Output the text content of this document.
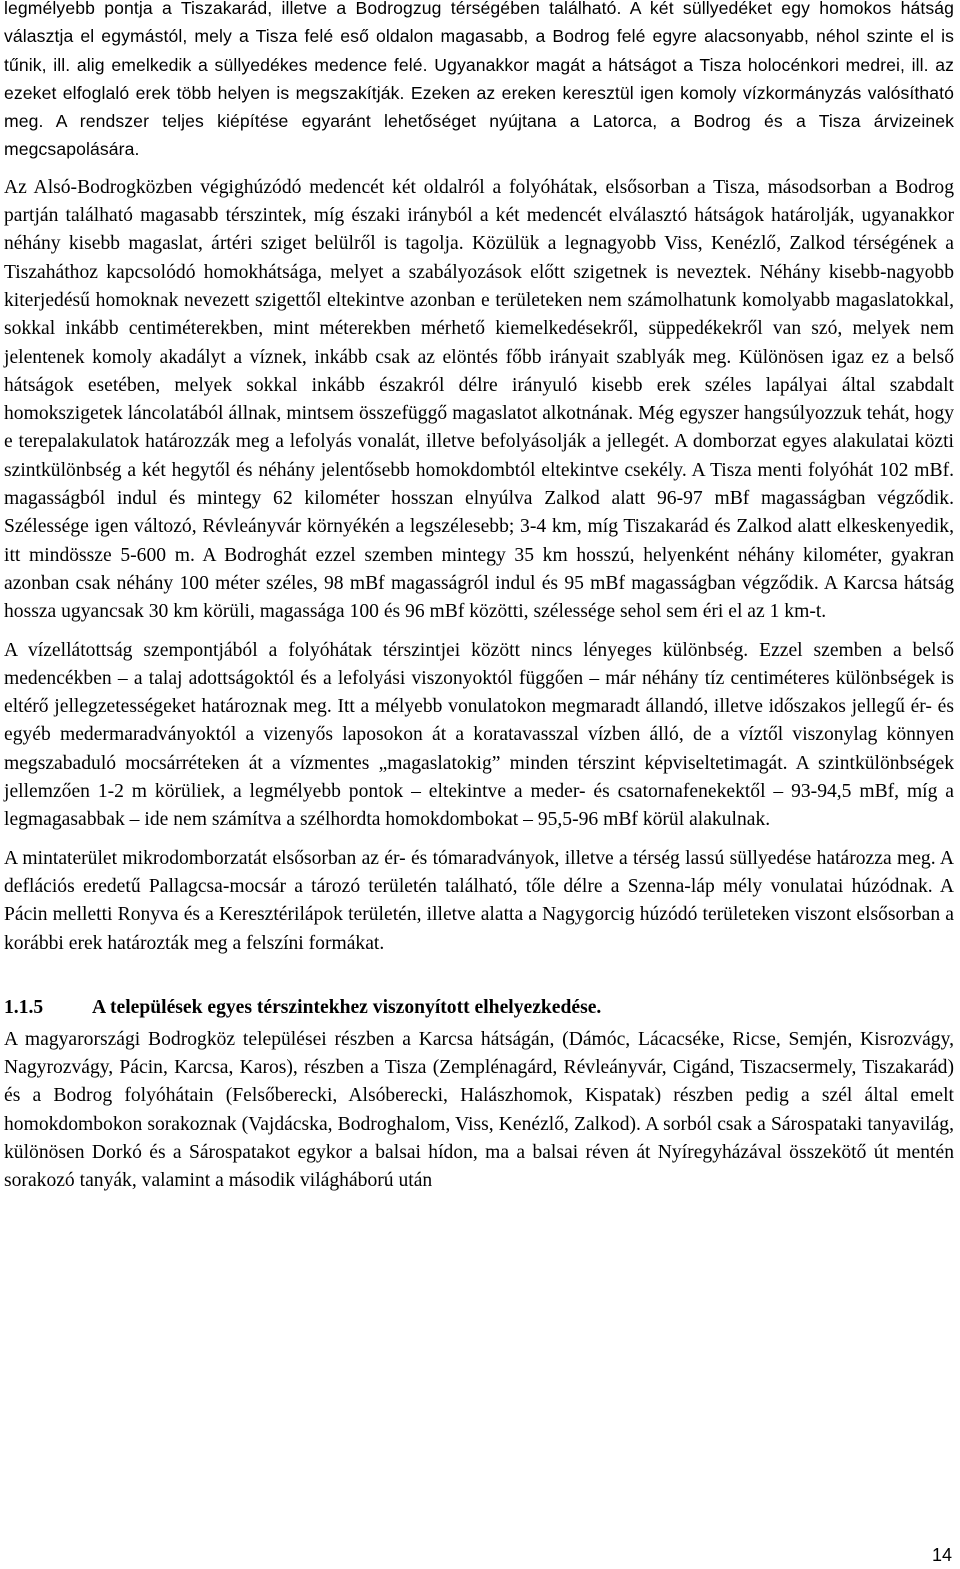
legmélyebb pontja a Tiszakarád, illetve a Bodrogzug térségében található. A két süllyedéket egy homokos hátság választja el egymástól, mely a Tisza felé eső oldalon magasabb, a Bodrog felé egyre alacsonyabb, néhol szinte el is tűnik, ill. alig emelkedik a süllyedékes medence felé. Ugyanakkor magát a hátságot a Tisza holocénkori medrei, ill. az ezeket elfoglaló erek több helyen is megszakítják. Ezeken az ereken keresztül igen komoly vízkormányzás valósítható meg. A rendszer teljes kiépítése egyaránt lehetőséget nyújtana a Latorca, a Bodrog és a Tisza árvizeinek megcsapolására.

Az Alsó-Bodrogközben végighúzódó medencét két oldalról a folyóhátak, elsősorban a Tisza, másodsorban a Bodrog partján található magasabb térszintek, míg északi irányból a két medencét elválasztó hátságok határolják, ugyanakkor néhány kisebb magaslat, ártéri sziget belülről is tagolja. Közülük a legnagyobb Viss, Kenézlő, Zalkod térségének a Tiszaháthoz kapcsolódó homokhátsága, melyet a szabályozások előtt szigetnek is neveztek. Néhány kisebb-nagyobb kiterjedésű homoknak nevezett szigettől eltekintve azonban e területeken nem számolhatunk komolyabb magaslatokkal, sokkal inkább centiméterekben, mint méterekben mérhető kiemelkedésekről, süppedékekről van szó, melyek nem jelentenek komoly akadályt a víznek, inkább csak az elöntés főbb irányait szablyák meg. Különösen igaz ez a belső hátságok esetében, melyek sokkal inkább északról délre irányuló kisebb erek széles lapályai által szabdalt homokszigetek láncolatából állnak, mintsem összefüggő magaslatot alkotnának. Még egyszer hangsúlyozzuk tehát, hogy e terepalakulatok határozzák meg a lefolyás vonalát, illetve befolyásolják a jellegét. A domborzat egyes alakulatai közti szintkülönbség a két hegytől és néhány jelentősebb homokdombtól eltekintve csekély. A Tisza menti folyóhát 102 mBf. magasságból indul és mintegy 62 kilométer hosszan elnyúlva Zalkod alatt 96-97 mBf magasságban végződik. Szélessége igen változó, Révleányvár környékén a legszélesebb; 3-4 km, míg Tiszakarád és Zalkod alatt elkeskenyedik, itt mindössze 5-600 m. A Bodroghát ezzel szemben mintegy 35 km hosszú, helyenként néhány kilométer, gyakran azonban csak néhány 100 méter széles, 98 mBf magasságról indul és 95 mBf magasságban végződik. A Karcsa hátság hossza ugyancsak 30 km körüli, magassága 100 és 96 mBf közötti, szélessége sehol sem éri el az 1 km-t.

A vízellátottság szempontjából a folyóhátak térszintjei között nincs lényeges különbség. Ezzel szemben a belső medencékben – a talaj adottságoktól és a lefolyási viszonyoktól függően – már néhány tíz centiméteres különbségek is eltérő jellegzetességeket határoznak meg. Itt a mélyebb vonulatokon megmaradt állandó, illetve időszakos jellegű ér- és egyéb medermaradványoktól a vizenyős laposokon át a koratavasszal vízben álló, de a víztől viszonylag könnyen megszabaduló mocsárréteken át a vízmentes „magaslatokig” minden térszint képviseltetimagát. A szintkülönbségek jellemzően 1-2 m körüliek, a legmélyebb pontok – eltekintve a meder- és csatornafenekektől – 93-94,5 mBf, míg a legmagasabbak – ide nem számítva a szélhordta homokdombokat – 95,5-96 mBf körül alakulnak.

A mintaterület mikrodomborzatát elsősorban az ér- és tómaradványok, illetve a térség lassú süllyedése határozza meg. A deflációs eredetű Pallagcsa-mocsár a tározó területén található, tőle délre a Szenna-láp mély vonulatai húzódnak. A Pácin melletti Ronyva és a Keresztérilápok területén, illetve alatta a Nagygorcig húzódó területeken viszont elsősorban a korábbi erek határozták meg a felszíni formákat.

1.1.5	A települések egyes térszintekhez viszonyított elhelyezkedése.

A magyarországi Bodrogköz települései részben a Karcsa hátságán, (Dámóc, Lácacséke, Ricse, Semjén, Kisrozvágy, Nagyrozvágy, Pácin, Karcsa, Karos), részben a Tisza (Zemplénagárd, Révleányvár, Cigánd, Tiszacsermely, Tiszakarád) és a Bodrog folyóhátain (Felsőberecki, Alsóberecki, Halászhomok, Kispatak) részben pedig a szél által emelt homokdombokon sorakoznak (Vajdácska, Bodroghalom, Viss, Kenézlő, Zalkod). A sorból csak a Sárospataki tanyavilág, különösen Dorkó és a Sárospatakot egykor a balsai hídon, ma a balsai réven át Nyíregyházával összekötő út mentén sorakozó tanyák, valamint a második világháború után

14
